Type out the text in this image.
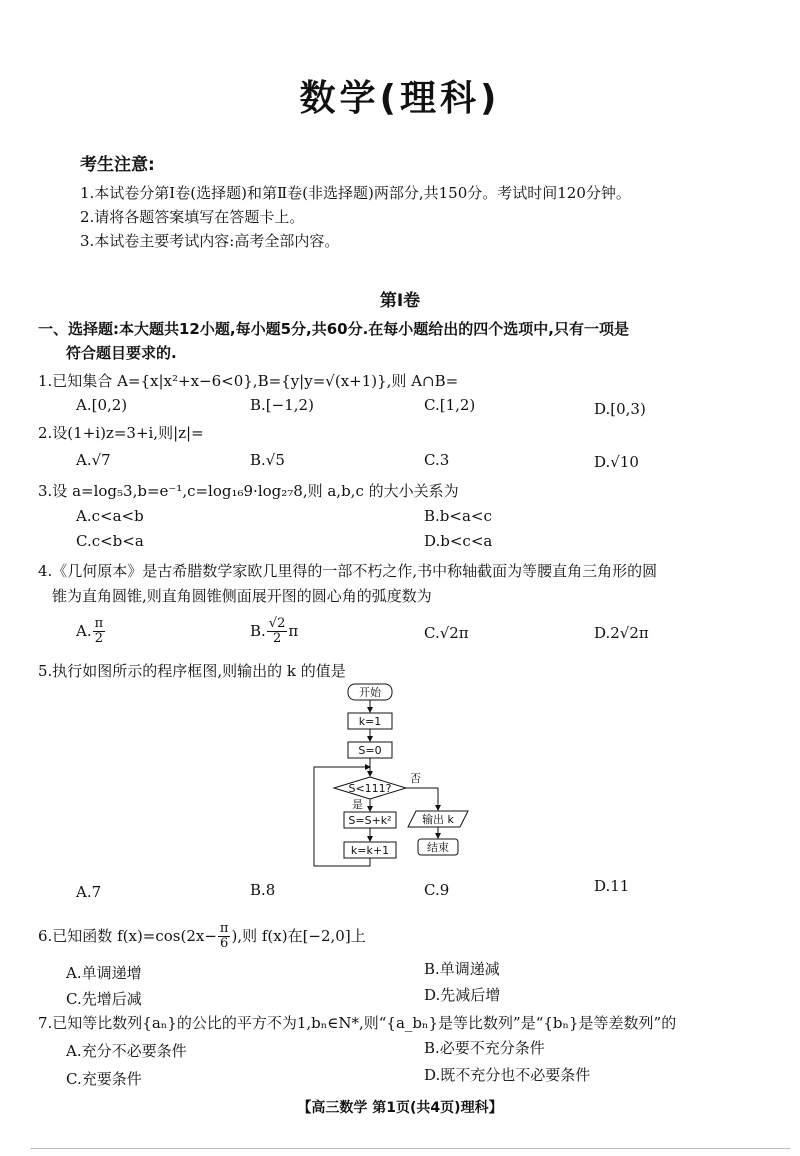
数学(理科)
考生注意:
1.本试卷分第Ⅰ卷(选择题)和第Ⅱ卷(非选择题)两部分,共150分。考试时间120分钟。
2.请将各题答案填写在答题卡上。
3.本试卷主要考试内容:高考全部内容。
第Ⅰ卷
一、选择题:本大题共12小题,每小题5分,共60分.在每小题给出的四个选项中,只有一项是
符合题目要求的.
1.已知集合 A={x|x²+x−6<0},B={y|y=√(x+1)},则 A∩B=
A.[0,2)	B.[−1,2)	C.[1,2)	D.[0,3)
2.设(1+i)z=3+i,则|z|=
A.√7	B.√5	C.3	D.√10
3.设 a=log₅3,b=e⁻¹,c=log₁₆9·log₂₇8,则 a,b,c 的大小关系为
A.c<a<b	B.b<a<c
C.c<b<a	D.b<c<a
4.《几何原本》是古希腊数学家欧几里得的一部不朽之作,书中称轴截面为等腰直角三角形的圆
锥为直角圆锥,则直角圆锥侧面展开图的圆心角的弧度数为
A. $\frac{\pi}{2}$	B. $\frac{√2}{2}$ π	C.√2π	D.2√2π
5.执行如图所示的程序框图,则输出的 k 的值是
开始
k=1
S=0
S<111?
否
是
S=S+k²
k=k+1
输出 k
结束
A.7	B.8	C.9	D.11
6.已知函数 $f(x)=\cos(2x- \frac{\pi}{6}$ ),则 f(x)在[−2,0]上
A.单调递增	B.单调递减
C.先增后减	D.先减后增
7.已知等比数列{aₙ}的公比的平方不为1,bₙ∈N*,则“{a_bₙ}是等比数列”是“{bₙ}是等差数列”的
A.充分不必要条件	B.必要不充分条件
C.充要条件	D.既不充分也不必要条件
【高三数学 第1页(共4页)理科】
